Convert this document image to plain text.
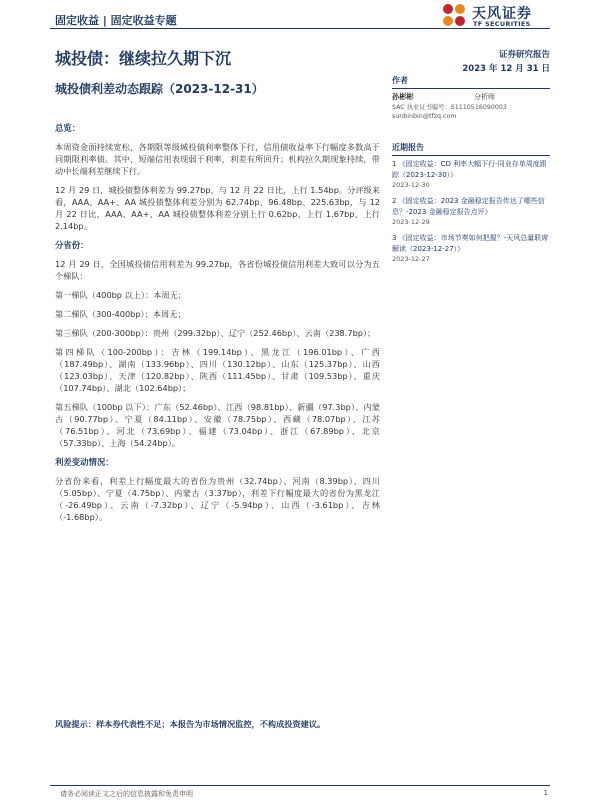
固定收益 | 固定收益专题	天风证券
TF SECURITIES
城投债：继续拉久期下沉
城投债利差动态跟踪（2023-12-31）
证券研究报告
2023 年 12 月 31 日
总览：

本周资金面持续宽松，各期限等级城投债利率整体下行，信用债收益率下行幅度多数高于同期限利率债。其中，短端信用表现弱于利率，利差有所回升；机构拉久期现象持续，带动中长端利差继续下行。

12 月 29 日，城投债整体利差为 99.27bp，与 12 月 22 日比，上行 1.54bp。分评级来看，AAA、AA+、AA 城投债整体利差分别为 62.74bp、96.48bp、225.63bp，与 12 月 22 日比，AAA、AA+、AA 城投债整体利差分别上行 0.62bp、上行 1.67bp、上行 2.14bp。

分省份：

12 月 29 日，全国城投债信用利差为 99.27bp，各省份城投债信用利差大致可以分为五个梯队：

第一梯队（400bp 以上）：本周无；

第二梯队（300-400bp）：本周无；

第三梯队（200-300bp）：贵州（299.32bp）、辽宁（252.46bp）、云南（238.7bp）；

第四梯队（100-200bp）：吉林（199.14bp）、黑龙江（196.01bp）、广西（187.49bp）、湖南（133.96bp）、四川（130.12bp）、山东（125.37bp）、山西（123.03bp）、天津（120.82bp）、陕西（111.45bp）、甘肃（109.53bp）、重庆（107.74bp）、湖北（102.64bp）；

第五梯队（100bp 以下）：广东（52.46bp）、江西（98.81bp）、新疆（97.3bp）、内蒙古（90.77bp）、宁夏（84.11bp）、安徽（78.75bp）、西藏（78.07bp）、江苏（76.51bp）、河北（73.69bp）、福建（73.04bp）、浙江（67.89bp）、北京（57.33bp）、上海（54.24bp）。

利差变动情况：

分省份来看，利差上行幅度最大的省份为贵州（32.74bp）、河南（8.39bp）、四川（5.05bp）、宁夏（4.75bp）、内蒙古（3.37bp），利差下行幅度最大的省份为黑龙江（-26.49bp）、云南（-7.32bp）、辽宁（-5.94bp）、山西（-3.61bp）、吉林（-1.68bp）。

作者
孙彬彬	分析师
SAC 执业证书编号：S1110516090003
sunbinbin@tfzq.com
近期报告
1 《固定收益：CD 利率大幅下行-同业存单周度跟踪（2023-12-30）》
2023-12-30
2 《固定收益：2023 金融稳定报告传达了哪些信息？-2023 金融稳定报告点评》
2023-12-29
3 《固定收益：市场节奏如何把握？-天风总量联席解读（2023-12-27）》
2023-12-27
风险提示：样本券代表性不足；本报告为市场情况监控，不构成投资建议。
请务必阅读正文之后的信息披露和免责申明	1
